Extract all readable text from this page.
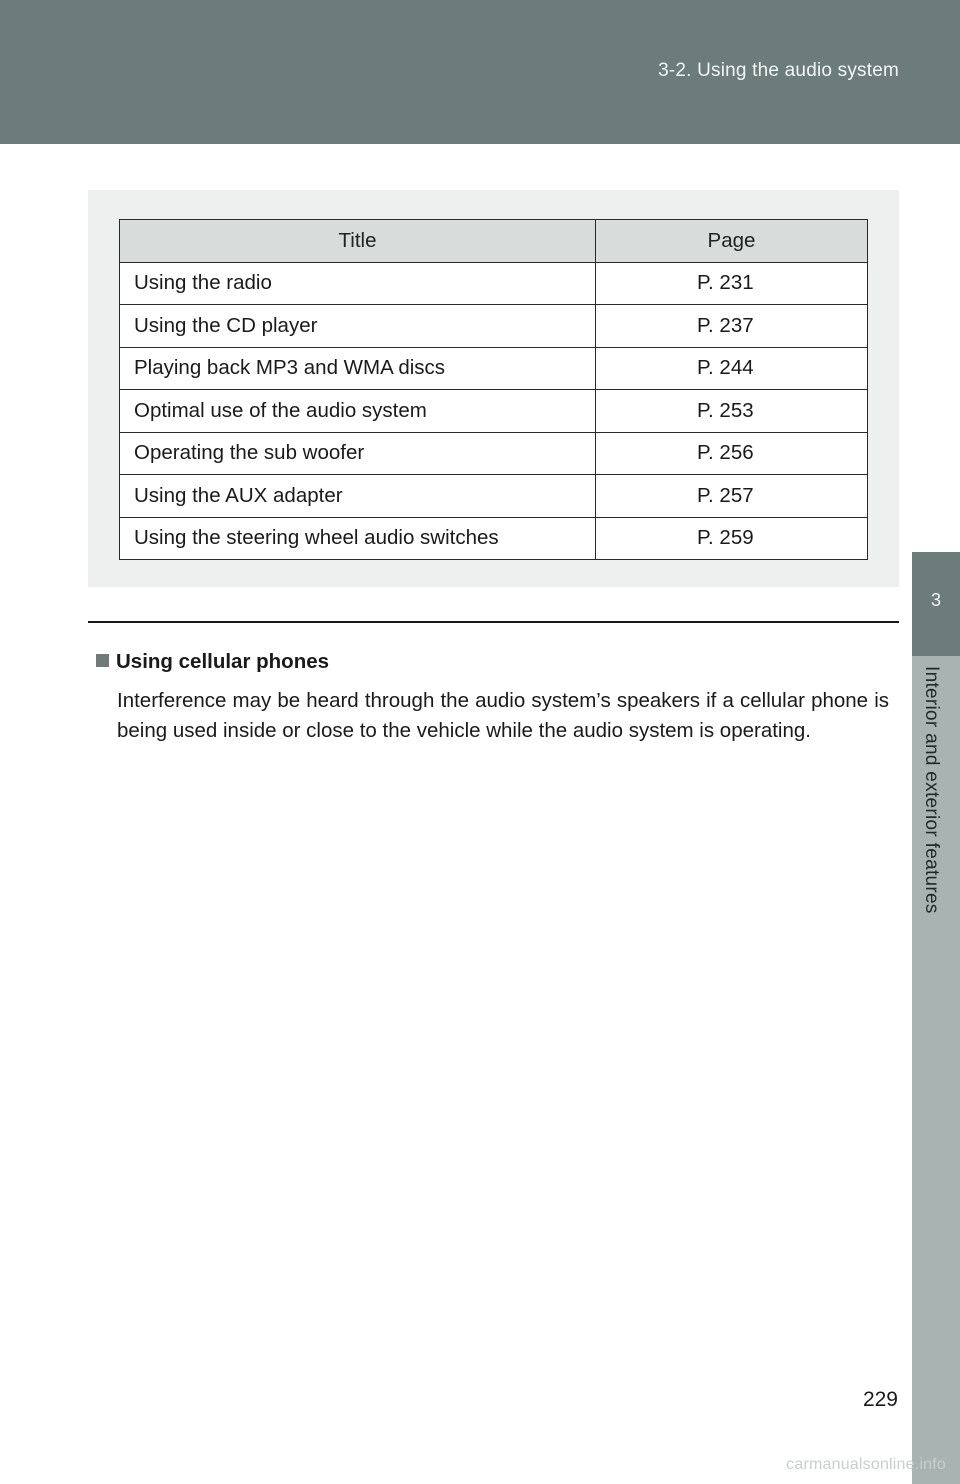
3-2. Using the audio system
3
Interior and exterior features
Title	Page
Using the radio	P. 231
Using the CD player	P. 237
Playing back MP3 and WMA discs	P. 244
Optimal use of the audio system	P. 253
Operating the sub woofer	P. 256
Using the AUX adapter	P. 257
Using the steering wheel audio switches	P. 259
Using cellular phones
Interference may be heard through the audio system’s speakers if a cellular phone is being used inside or close to the vehicle while the audio system is operating.
229
carmanualsonline.info
